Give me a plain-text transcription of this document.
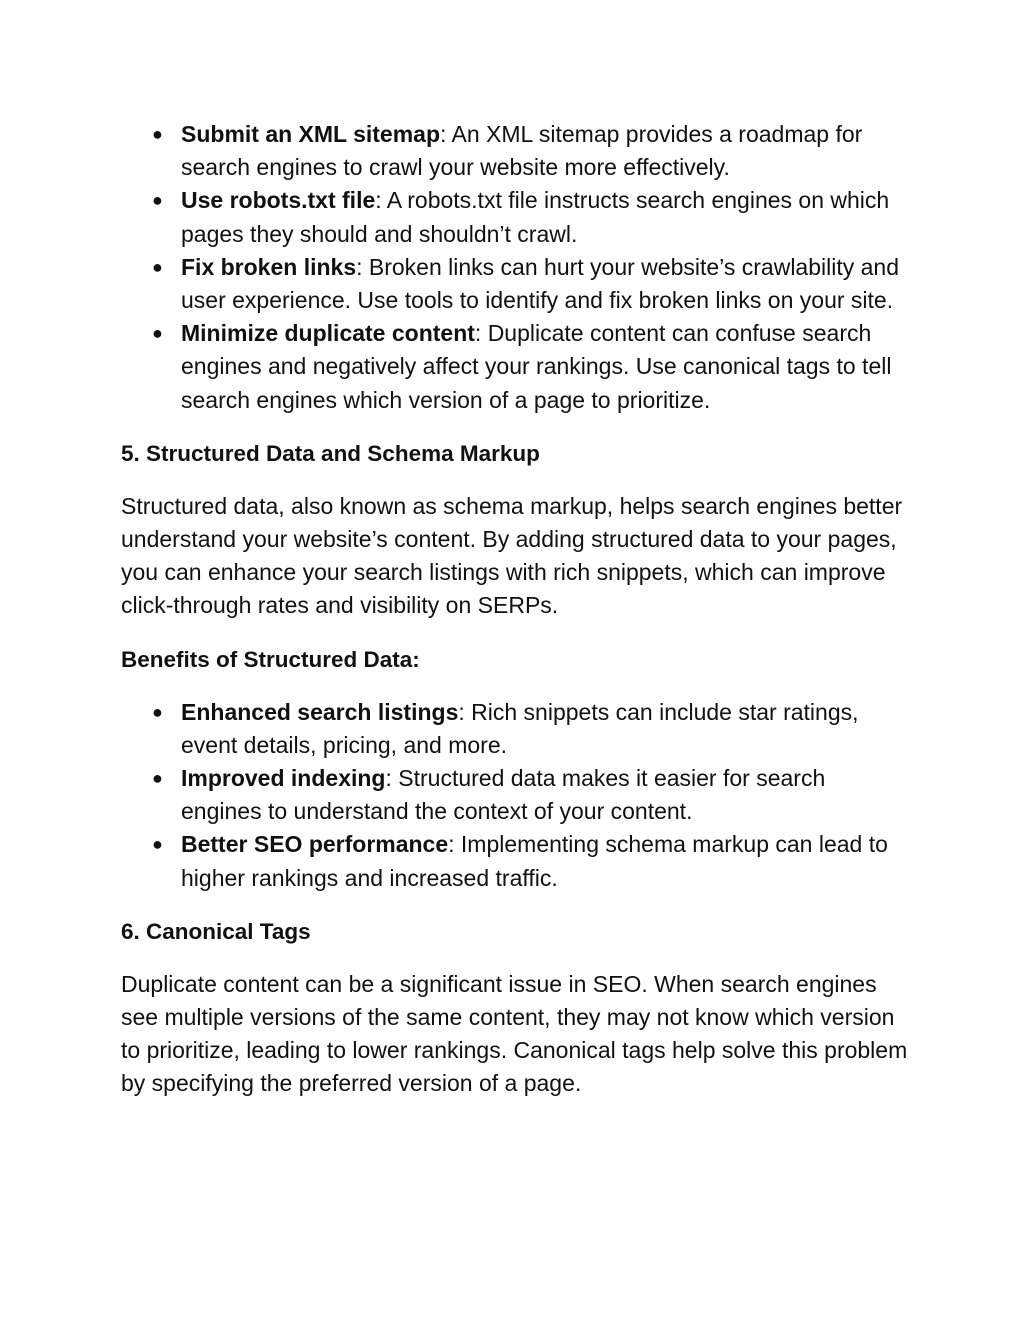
● Submit an XML sitemap: An XML sitemap provides a roadmap for search engines to crawl your website more effectively.
● Use robots.txt file: A robots.txt file instructs search engines on which pages they should and shouldn’t crawl.
● Fix broken links: Broken links can hurt your website’s crawlability and user experience. Use tools to identify and fix broken links on your site.
● Minimize duplicate content: Duplicate content can confuse search engines and negatively affect your rankings. Use canonical tags to tell search engines which version of a page to prioritize.
5. Structured Data and Schema Markup

Structured data, also known as schema markup, helps search engines better understand your website’s content. By adding structured data to your pages, you can enhance your search listings with rich snippets, which can improve click-through rates and visibility on SERPs.

Benefits of Structured Data:
● Enhanced search listings: Rich snippets can include star ratings, event details, pricing, and more.
● Improved indexing: Structured data makes it easier for search engines to understand the context of your content.
● Better SEO performance: Implementing schema markup can lead to higher rankings and increased traffic.
6. Canonical Tags

Duplicate content can be a significant issue in SEO. When search engines see multiple versions of the same content, they may not know which version to prioritize, leading to lower rankings. Canonical tags help solve this problem by specifying the preferred version of a page.
